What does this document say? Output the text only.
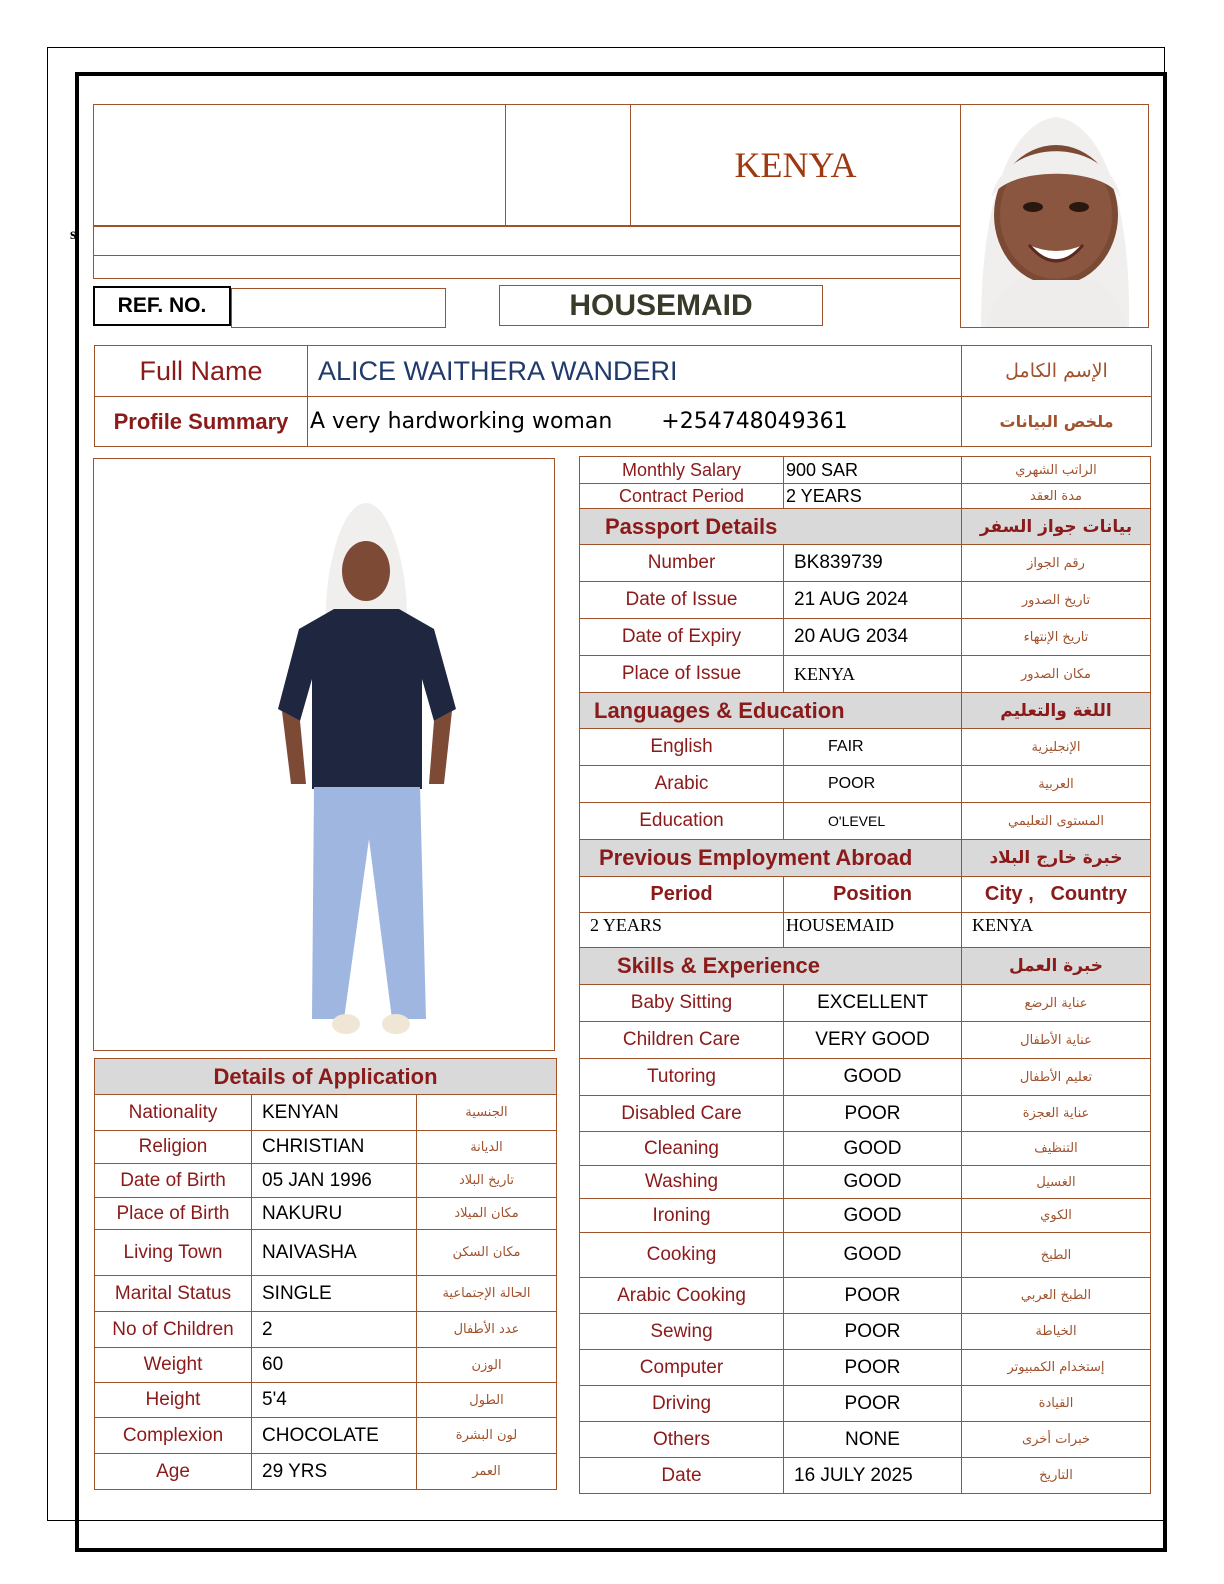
s
KENYA
REF. NO.	HOUSEMAID
Full Name	ALICE WAITHERA WANDERI	الإسم الكامل
Profile Summary	A very hardworking woman +254748049361	ملخص البيانات
Monthly Salary	900 SAR	الراتب الشهري
Contract Period	2 YEARS	مدة العقد
Passport Details		بيانات جواز السفر
Number	BK839739	رقم الجواز
Date of Issue	21 AUG 2024	تاريخ الصدور
Date of Expiry	20 AUG 2034	تاريخ الإنتهاء
Place of Issue	KENYA	مكان الصدور
Languages & Education		اللغة والتعليم
English	FAIR	الإنجليزية
Arabic	POOR	العربية
Education	O'LEVEL	المستوى التعليمي
Previous Employment Abroad		خبرة خارج البلاد
Period	Position	City ,   Country
2 YEARS	HOUSEMAID	KENYA
Skills & Experience		خبرة العمل
Baby Sitting	EXCELLENT	عناية الرضع
Children Care	VERY GOOD	عناية الأطفال
Tutoring	GOOD	تعليم الأطفال
Disabled Care	POOR	عناية العجزة
Cleaning	GOOD	التنظيف
Washing	GOOD	الغسيل
Ironing	GOOD	الكوي
Cooking	GOOD	الطبخ
Arabic Cooking	POOR	الطبخ العربي
Sewing	POOR	الخياطة
Computer	POOR	إستخدام الكمبيوتر
Driving	POOR	القيادة
Others	NONE	خبرات أخرى
Date	16 JULY 2025	التاريخ
Details of Application		
Nationality	KENYAN	الجنسية
Religion	CHRISTIAN	الديانة
Date of Birth	05 JAN 1996	تاريخ البلاد
Place of Birth	NAKURU	مكان الميلاد
Living Town	NAIVASHA	مكان السكن
Marital Status	SINGLE	الحالة الإجتماعية
No of Children	2	عدد الأطفال
Weight	60	الوزن
Height	5'4	الطول
Complexion	CHOCOLATE	لون البشرة
Age	29 YRS	العمر
